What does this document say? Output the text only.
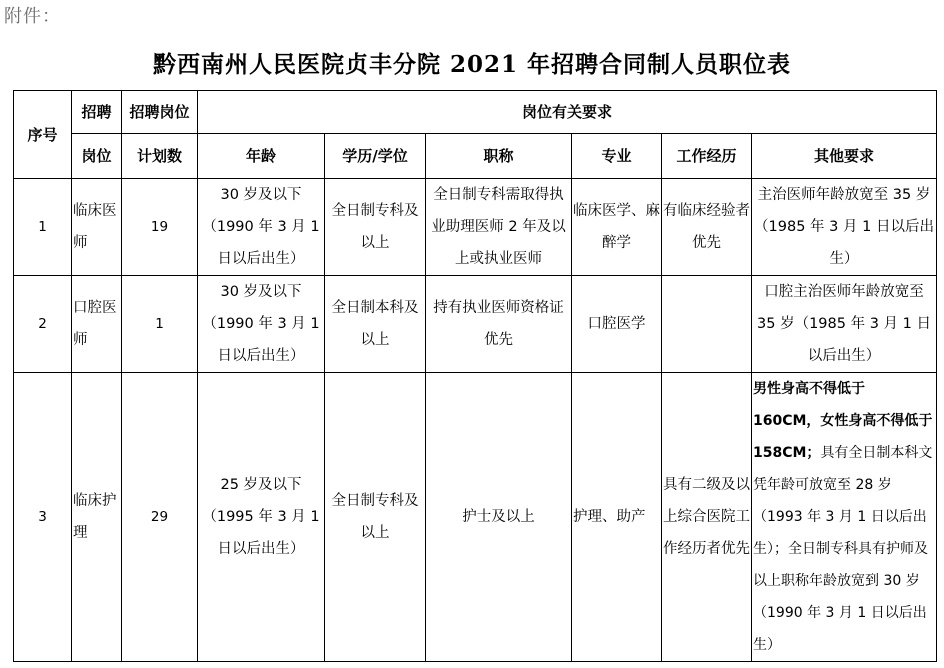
附件：
黔西南州人民医院贞丰分院 2021 年招聘合同制人员职位表
序号	招聘	招聘岗位	岗位有关要求					
	岗位	计划数	年龄	学历/学位	职称	专业	工作经历	其他要求
1	临床医师	19	30 岁及以下（1990 年 3 月 1 日以后出生）	全日制专科及以上	全日制专科需取得执业助理医师 2 年及以上或执业医师	临床医学、麻醉学	有临床经验者优先	主治医师年龄放宽至 35 岁（1985 年 3 月 1 日以后出生）
2	口腔医师	1	30 岁及以下（1990 年 3 月 1 日以后出生）	全日制本科及以上	持有执业医师资格证优先	口腔医学		口腔主治医师年龄放宽至 35 岁（1985 年 3 月 1 日以后出生）
3	临床护理	29	25 岁及以下（1995 年 3 月 1 日以后出生）	全日制专科及以上	护士及以上	护理、助产	具有二级及以上综合医院工作经历者优先	男性身高不得低于 160CM，女性身高不得低于 158CM；具有全日制本科文凭年龄可放宽至 28 岁（1993 年 3 月 1 日以后出生）；全日制专科具有护师及以上职称年龄放宽到 30 岁（1990 年 3 月 1 日以后出生）
